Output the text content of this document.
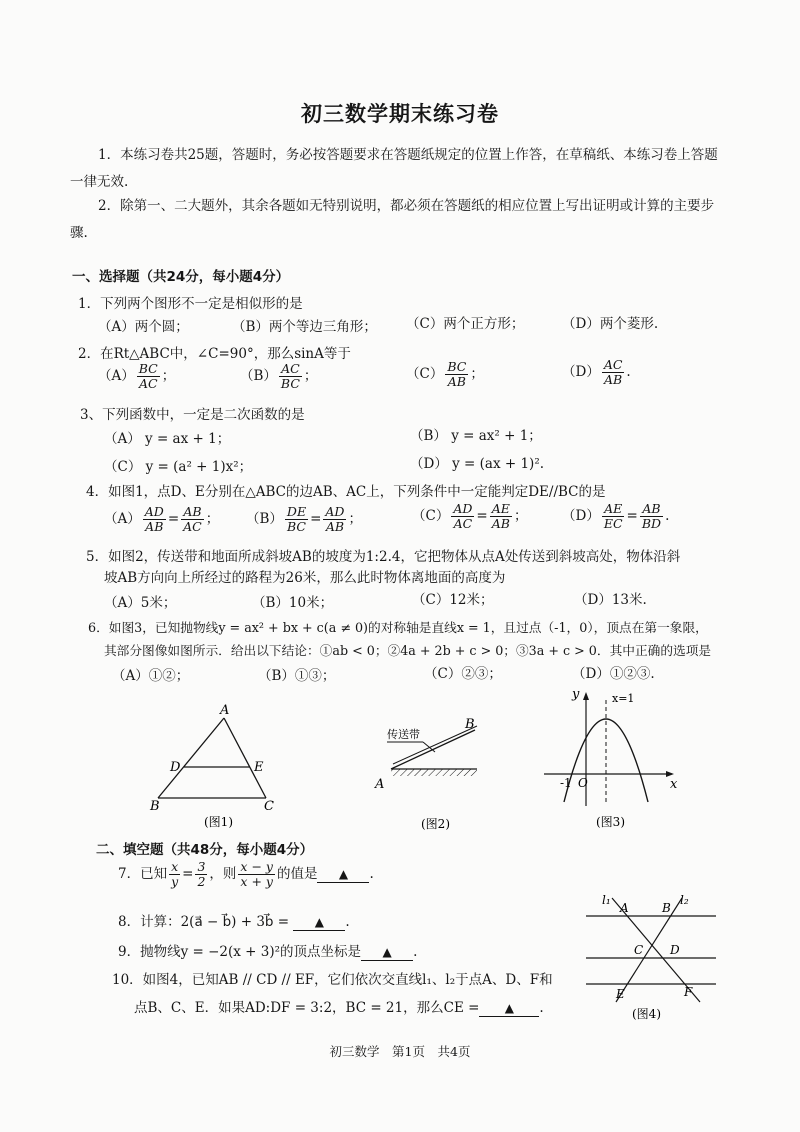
初三数学期末练习卷
1．本练习卷共25题，答题时，务必按答题要求在答题纸规定的位置上作答，在草稿纸、本练习卷上答题一律无效.
2．除第一、二大题外，其余各题如无特别说明，都必须在答题纸的相应位置上写出证明或计算的主要步骤.
一、选择题（共24分，每小题4分）
1．下列两个图形不一定是相似形的是
（A）两个圆；	（B）两个等边三角形； （C）两个正方形；	（D）两个菱形.
2．在Rt△ABC中，∠C=90°，那么sinA等于
$(A) \frac{BC}{AC}$ ；	$(B) \frac{AC}{BC}$ ；	$(C) \frac{BC}{AB}$ ；	$(D) \frac{AC}{AB}$ .
3、下列函数中，一定是二次函数的是
（A） y = ax + 1；	（B） y = ax² + 1；
（C） y = (a² + 1)x²；	（D） y = (ax + 1)².
4．如图1，点D、E分别在△ABC的边AB、AC上，下列条件中一定能判定DE//BC的是
$(A) \frac{AD}{AB} = \frac{AB}{AC}$ ； $(B) \frac{DE}{BC} = \frac{AD}{AB}$ ；	$(C) \frac{AD}{AC} = \frac{AE}{AB}$ ；	$(D) \frac{AE}{EC} = \frac{AB}{BD}$ .
5．如图2，传送带和地面所成斜坡AB的坡度为1:2.4，它把物体从点A处传送到斜坡高处，物体沿斜
坡AB方向向上所经过的路程为26米，那么此时物体离地面的高度为
（A）5米；	（B）10米；	（C）12米；	（D）13米.
6．如图3，已知抛物线y = ax² + bx + c(a ≠ 0)的对称轴是直线x = 1，且过点（-1，0），顶点在第一象限，
其部分图像如图所示．给出以下结论：①ab < 0；②4a + 2b + c > 0；③3a + c > 0．其中正确的选项是
（A）①②；	（B）①③；	（C）②③；	（D）①②③.
A
D	E
B	C
(图1)
传送带
B
A
(图2)
y	x=1
-1 O	x
(图3)
二、填空题（共48分，每小题4分）
7．已知 $\frac{x}{y} = \frac{3}{2}$ ，则 $\frac{x - y}{x + y}$ 的值是 ▲ .
8．计算：2(a⃗ − b⃗) + 3b⃗ = ▲ .
9．抛物线y = −2(x + 3)²的顶点坐标是 ▲ .
10．如图4，已知AB // CD // EF，它们依次交直线l₁、l₂于点A、D、F和
点B、C、E．如果AD:DF = 3:2，BC = 21，那么CE = ▲ .
l₁	l₂
A	B
C D
E	F
(图4)
初三数学　第1页　共4页
